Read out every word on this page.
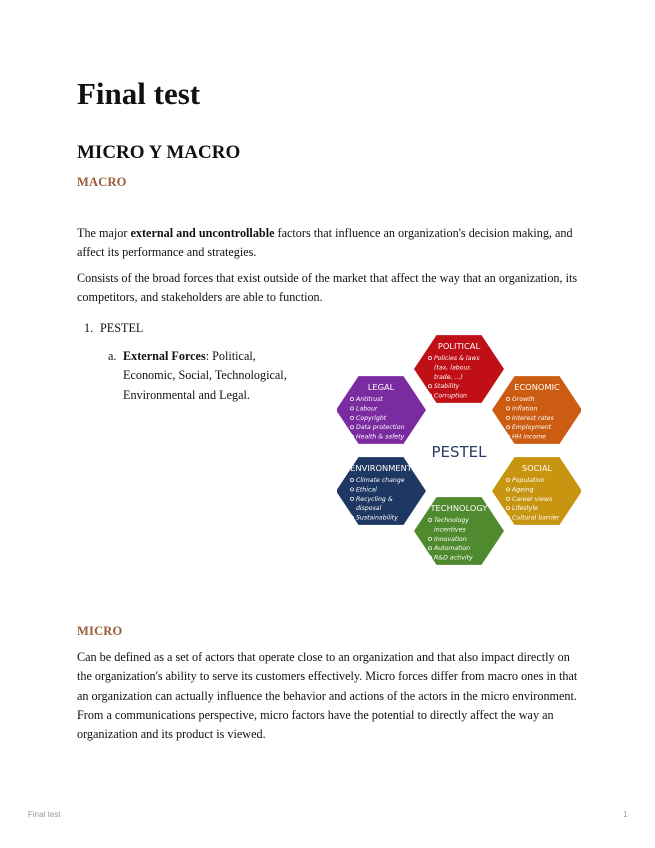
Final test
MICRO Y MACRO
MACRO

The major external and uncontrollable factors that influence an organization's decision making, and affect its performance and strategies.

Consists of the broad forces that exist outside of the market that affect the way that an organization, its competitors, and stakeholders are able to function.

1. PESTEL
a. External Forces: Political, Economic, Social, Technological, Environmental and Legal.
POLITICAL
Policies & laws
(tax, labour,
trade, ...)
Stability
Corruption
ECONOMIC
Growth
Inflation
Interest rates
Employment
HH income
SOCIAL
Population
Ageing
Career views
Lifestyle
Cultural barrier
TECHNOLOGY
Technology
incentives
Innovation
Automation
R&D activity
ENVIRONMENT
Climate change
Ethical
Recycling &
disposal
Sustainability
LEGAL
Antitrust
Labour
Copyright
Data protection
Health & safety
PESTEL
MICRO

Can be defined as a set of actors that operate close to an organization and that also impact directly on the organization's ability to serve its customers effectively. Micro forces differ from macro ones in that an organization can actually influence the behavior and actions of the actors in the micro environment. From a communications perspective, micro factors have the potential to directly affect the way an organization and its product is viewed.

Final test	1
